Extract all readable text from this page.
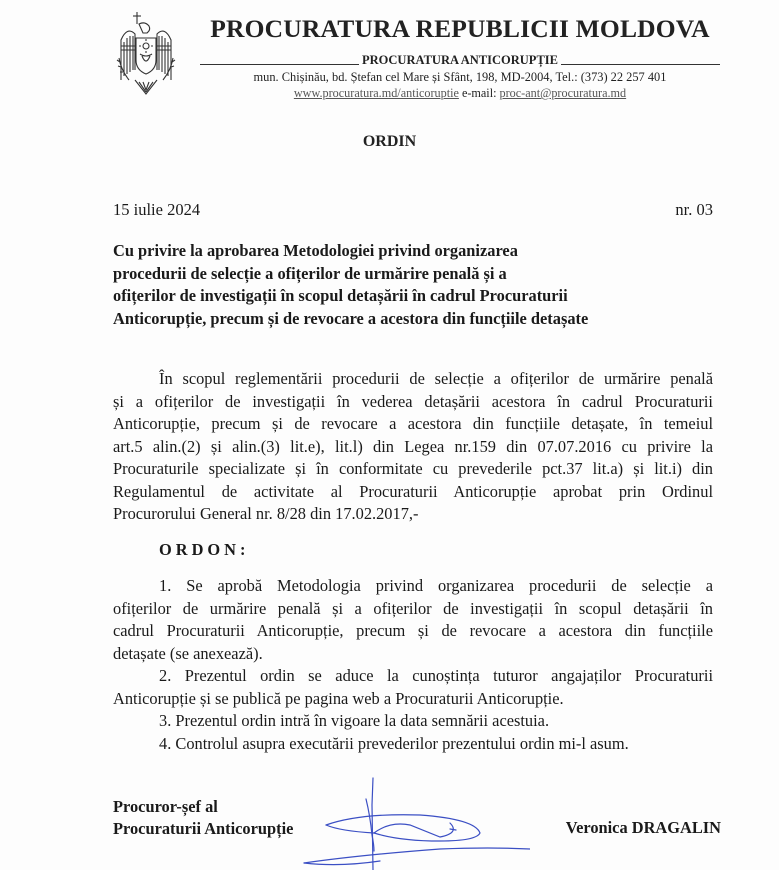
PROCURATURA REPUBLICII MOLDOVA
PROCURATURA ANTICORUPȚIE
mun. Chișinău, bd. Ștefan cel Mare și Sfânt, 198, MD-2004, Tel.: (373) 22 257 401
www.procuratura.md/anticoruptie e-mail: proc-ant@procuratura.md
ORDIN
15 iulie 2024	nr. 03
Cu privire la aprobarea Metodologiei privind organizarea
procedurii de selecție a ofițerilor de urmărire penală și a
ofițerilor de investigații în scopul detașării în cadrul Procuraturii
Anticorupție, precum și de revocare a acestora din funcțiile detașate
În scopul reglementării procedurii de selecție a ofițerilor de urmărire penală
și a ofițerilor de investigații în vederea detașării acestora în cadrul Procuraturii
Anticorupție, precum și de revocare a acestora din funcțiile detașate, în temeiul
art.5 alin.(2) și alin.(3) lit.e), lit.l) din Legea nr.159 din 07.07.2016 cu privire la
Procuraturile specializate și în conformitate cu prevederile pct.37 lit.a) și lit.i) din
Regulamentul de activitate al Procuraturii Anticorupție aprobat prin Ordinul
Procurorului General nr. 8/28 din 17.02.2017,-
ORDON:
1. Se aprobă Metodologia privind organizarea procedurii de selecție a
ofițerilor de urmărire penală și a ofițerilor de investigații în scopul detașării în
cadrul Procuraturii Anticorupție, precum și de revocare a acestora din funcțiile
detașate (se anexează).
2. Prezentul ordin se aduce la cunoștința tuturor angajaților Procuraturii
Anticorupție și se publică pe pagina web a Procuraturii Anticorupție.
3. Prezentul ordin intră în vigoare la data semnării acestuia.
4. Controlul asupra executării prevederilor prezentului ordin mi-l asum.
Procuror-șef al
Procuraturii Anticorupție	Veronica DRAGALIN
